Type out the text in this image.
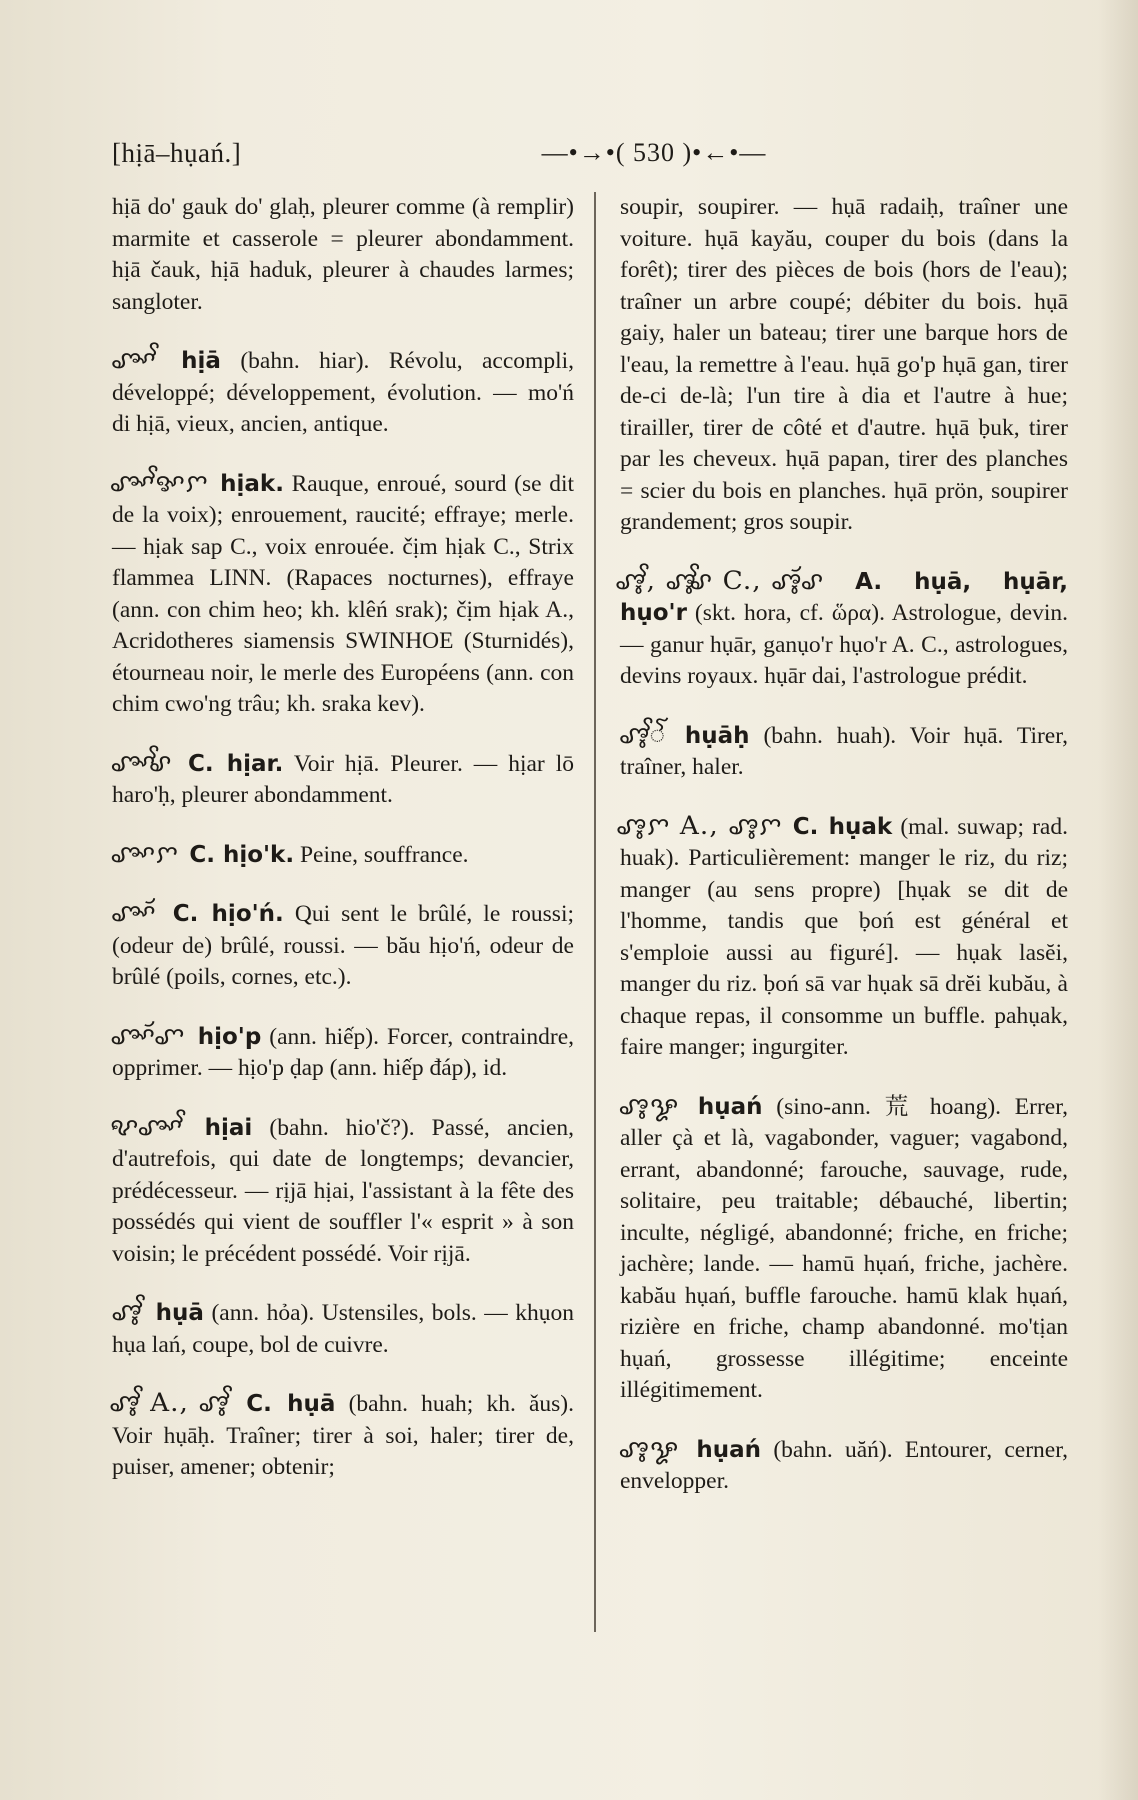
[hịā–hụań.]	—•→•( 530 )•←•—

hịā do' gauk do' glaḥ, pleurer comme (à remplir) marmite et casserole = pleurer abondamment. hịā čauk, hịā haduk, pleurer à chaudes larmes; sangloter.

ꨨꨳꨩ hịā (bahn. hiar). Révolu, accompli, développé; développement, évolution. — mo'ń di hịā, vieux, ancien, antique.

ꨨꨳꨩꨀꨆ hịak. Rauque, enroué, sourd (se dit de la voix); enrouement, raucité; effraye; merle. — hịak sap C., voix enrouée. čịm hịak C., Strix flammea LINN. (Rapaces nocturnes), effraye (ann. con chim heo; kh. klêń srak); čịm hịak A., Acridotheres siamensis SWINHOE (Sturnidés), étourneau noir, le merle des Européens (ann. con chim cwo'ng trâu; kh. sraka kev).

ꨨꨳꨩꨣ C. hịar. Voir hịā. Pleurer. — hịar lō haro'ḥ, pleurer abondamment.

ꨨꨳꨆ C. hịo'k. Peine, souffrance.

ꨨꨳꨮ C. hịo'ń. Qui sent le brûlé, le roussi; (odeur de) brûlé, roussi. — bău hịo'ń, odeur de brûlé (poils, cornes, etc.).

ꨨꨳꨮꨚ hịo'p (ann. hiếp). Forcer, contraindre, opprimer. — hịo'p ḍap (ann. hiếp đáp), id.

ꨦꨨꨳꨩ hịai (bahn. hio'č?). Passé, ancien, d'autrefois, qui date de longtemps; devancier, prédécesseur. — rịjā hịai, l'assistant à la fête des possédés qui vient de souffler l'« esprit » à son voisin; le précédent possédé. Voir rịjā.

ꨨꨶꨩ hụā (ann. hỏa). Ustensiles, bols. — khụon hụa lań, coupe, bol de cuivre.

ꨨꨶꨩ A., ꨨꨶꨩ C. hụā (bahn. huah; kh. ǎus). Voir hụāḥ. Traîner; tirer à soi, haler; tirer de, puiser, amener; obtenir;

soupir, soupirer. — hụā radaiḥ, traîner une voiture. hụā kayău, couper du bois (dans la forêt); tirer des pièces de bois (hors de l'eau); traîner un arbre coupé; débiter du bois. hụā gaiy, haler un bateau; tirer une barque hors de l'eau, la remettre à l'eau. hụā go'p hụā gan, tirer de-ci de-là; l'un tire à dia et l'autre à hue; tirailler, tirer de côté et d'autre. hụā ḅuk, tirer par les cheveux. hụā papan, tirer des planches = scier du bois en planches. hụā prön, soupirer grandement; gros soupir.

ꨨꨶꨩ, ꨨꨶꨩꨣ C., ꨨꨶꨮꨣ A. hụā, hụār, hụo'r (skt. hora, cf. ὥρα). Astrologue, devin. — ganur hụār, ganụo'r hụo'r A. C., astrologues, devins royaux. hụār dai, l'astrologue prédit.

ꨨꨶꨩꨱ hụāḥ (bahn. huah). Voir hụā. Tirer, traîner, haler.

ꨨꨶꨆ A., ꨨꨶꨆ C. hụak (mal. suwap; rad. huak). Particulièrement: manger le riz, du riz; manger (au sens propre) [hụak se dit de l'homme, tandis que ḅoń est général et s'emploie aussi au figuré]. — hụak lasĕi, manger du riz. ḅoń sā var hụak sā drĕi kubău, à chaque repas, il consomme un buffle. pahụak, faire manger; ingurgiter.

ꨨꨶꨋ hụań (sino-ann. 荒 hoang). Errer, aller çà et là, vagabonder, vaguer; vagabond, errant, abandonné; farouche, sauvage, rude, solitaire, peu traitable; débauché, libertin; inculte, négligé, abandonné; friche, en friche; jachère; lande. — hamū hụań, friche, jachère. kabău hụań, buffle farouche. hamū klak hụań, rizière en friche, champ abandonné. mo'tịan hụań, grossesse illégitime; enceinte illégitimement.

ꨨꨶꨋ hụań (bahn. uăń). Entourer, cerner, envelopper.
